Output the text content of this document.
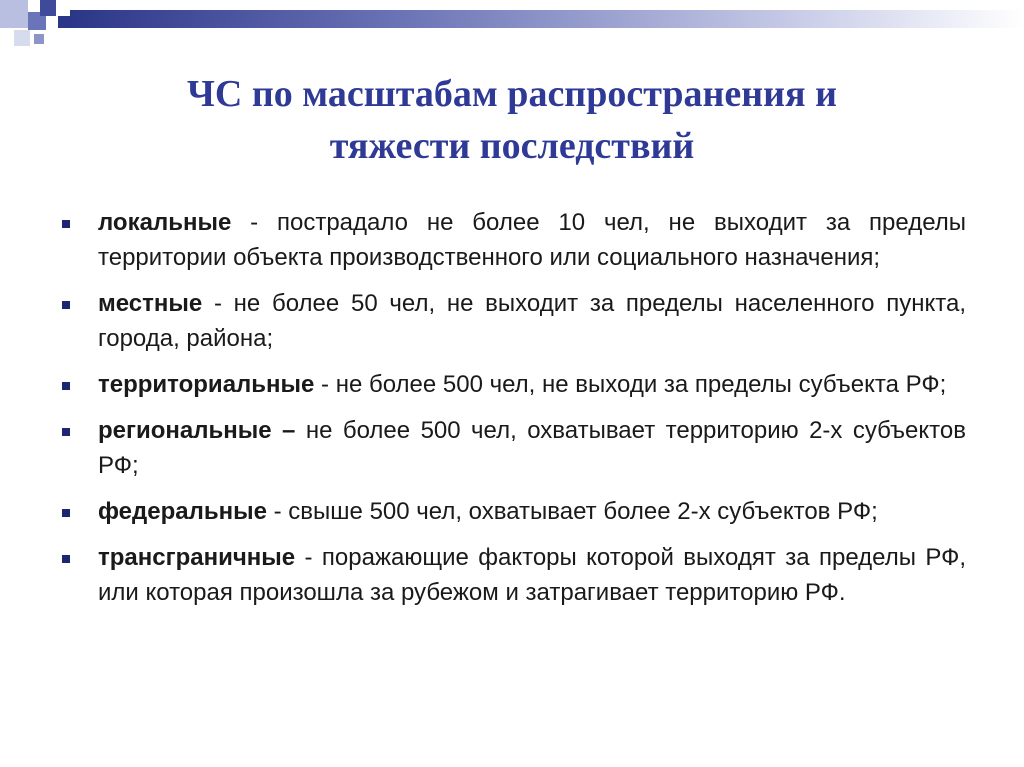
ЧС по масштабам распространения и
тяжести последствий
локальные - пострадало не более 10 чел, не выходит за пределы территории объекта производственного или социального назначения;
местные - не более 50 чел, не выходит за пределы населенного пункта, города, района;
территориальные - не более 500 чел, не выходи за пределы субъекта РФ;
региональные – не более 500 чел, охватывает территорию 2-х субъектов РФ;
федеральные - свыше 500 чел, охватывает более 2-х субъектов РФ;
трансграничные - поражающие факторы которой выходят за пределы РФ, или которая произошла за рубежом и затрагивает территорию РФ.
